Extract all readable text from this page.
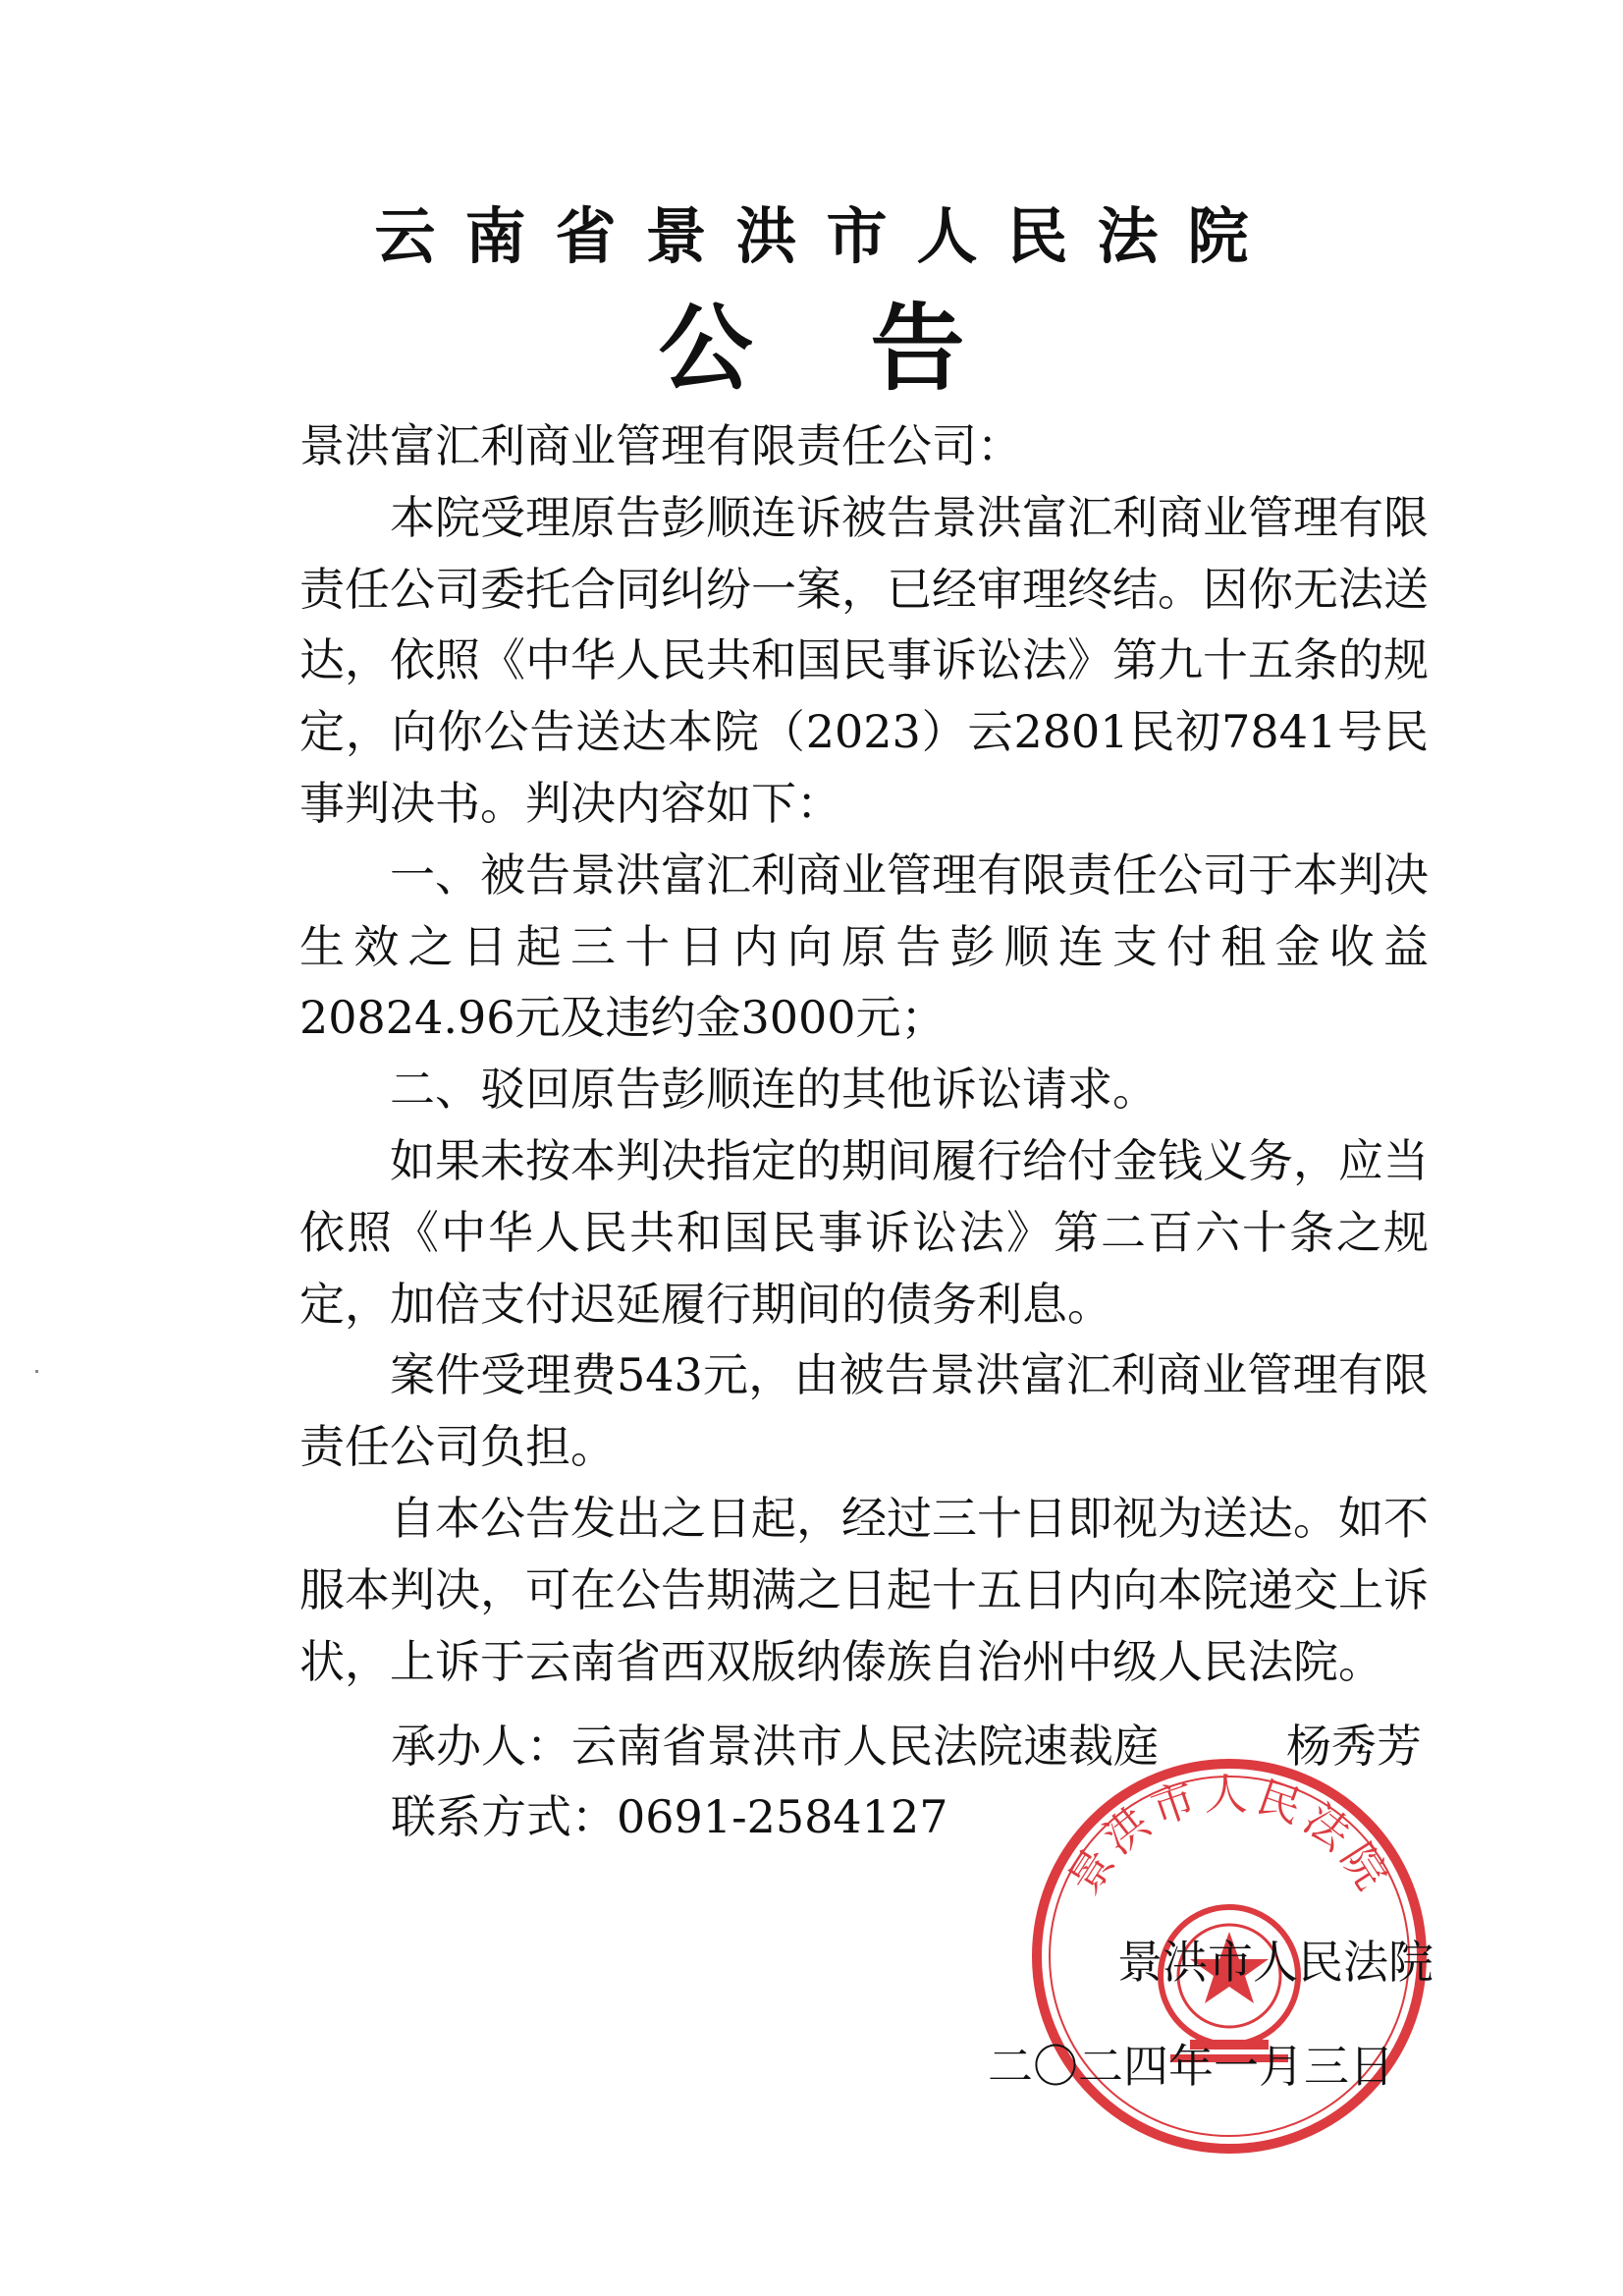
云南省景洪市人民法院
公告

景洪富汇利商业管理有限责任公司：

本院受理原告彭顺连诉被告景洪富汇利商业管理有限责任公司委托合同纠纷一案，已经审理终结。因你无法送达，依照《中华人民共和国民事诉讼法》第九十五条的规定，向你公告送达本院（2023）云2801民初7841号民事判决书。判决内容如下：

一、被告景洪富汇利商业管理有限责任公司于本判决生效之日起三十日内向原告彭顺连支付租金收益20824.96元及违约金3000元；

二、驳回原告彭顺连的其他诉讼请求。

如果未按本判决指定的期间履行给付金钱义务，应当依照《中华人民共和国民事诉讼法》第二百六十条之规定，加倍支付迟延履行期间的债务利息。

案件受理费543元，由被告景洪富汇利商业管理有限责任公司负担。

自本公告发出之日起，经过三十日即视为送达。如不服本判决，可在公告期满之日起十五日内向本院递交上诉状，上诉于云南省西双版纳傣族自治州中级人民法院。

承办人：云南省景洪市人民法院速裁庭	杨秀芳
联系方式：0691-2584127
景洪市人民法院
景洪市人民法院
二〇二四年一月三日
